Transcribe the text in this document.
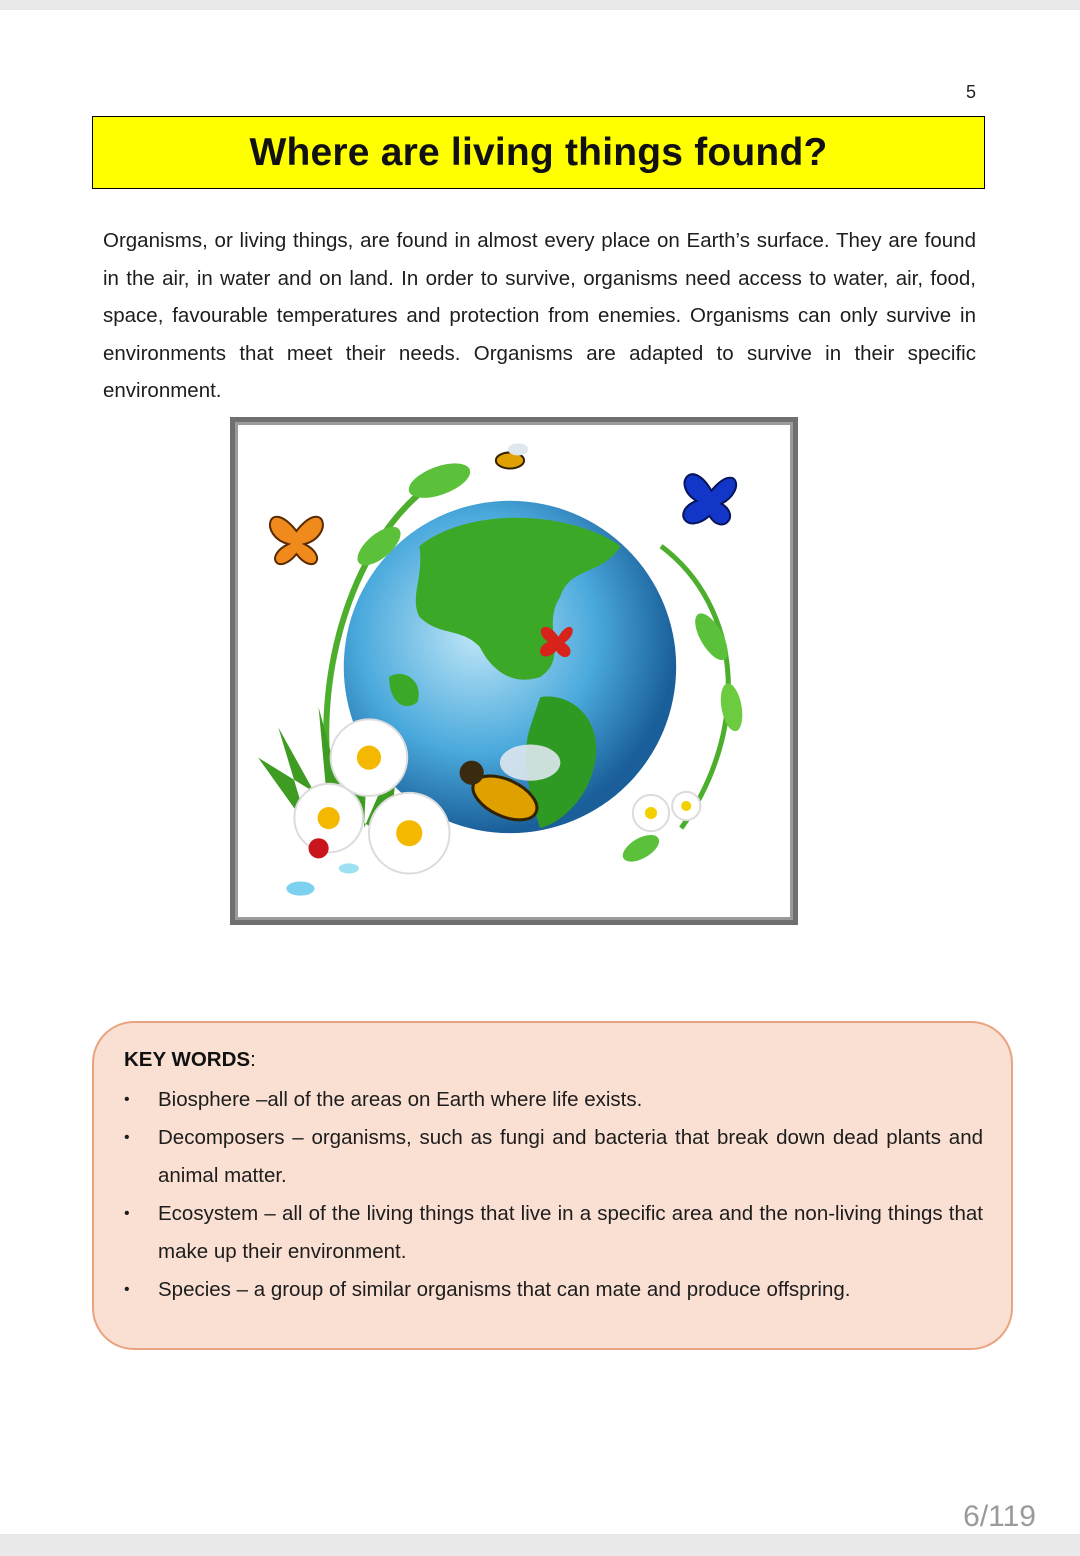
5
Where are living things found?

Organisms, or living things, are found in almost every place on Earth’s surface. They are found in the air, in water and on land. In order to survive, organisms need access to water, air, food, space, favourable temperatures and protection from enemies. Organisms can only survive in environments that meet their needs. Organisms are adapted to survive in their specific environment.

KEY WORDS:
• Biosphere –all of the areas on Earth where life exists.
• Decomposers – organisms, such as fungi and bacteria that break down dead plants and animal matter.
• Ecosystem – all of the living things that live in a specific area and the non-living things that make up their environment.
• Species – a group of similar organisms that can mate and produce offspring.
6/119
